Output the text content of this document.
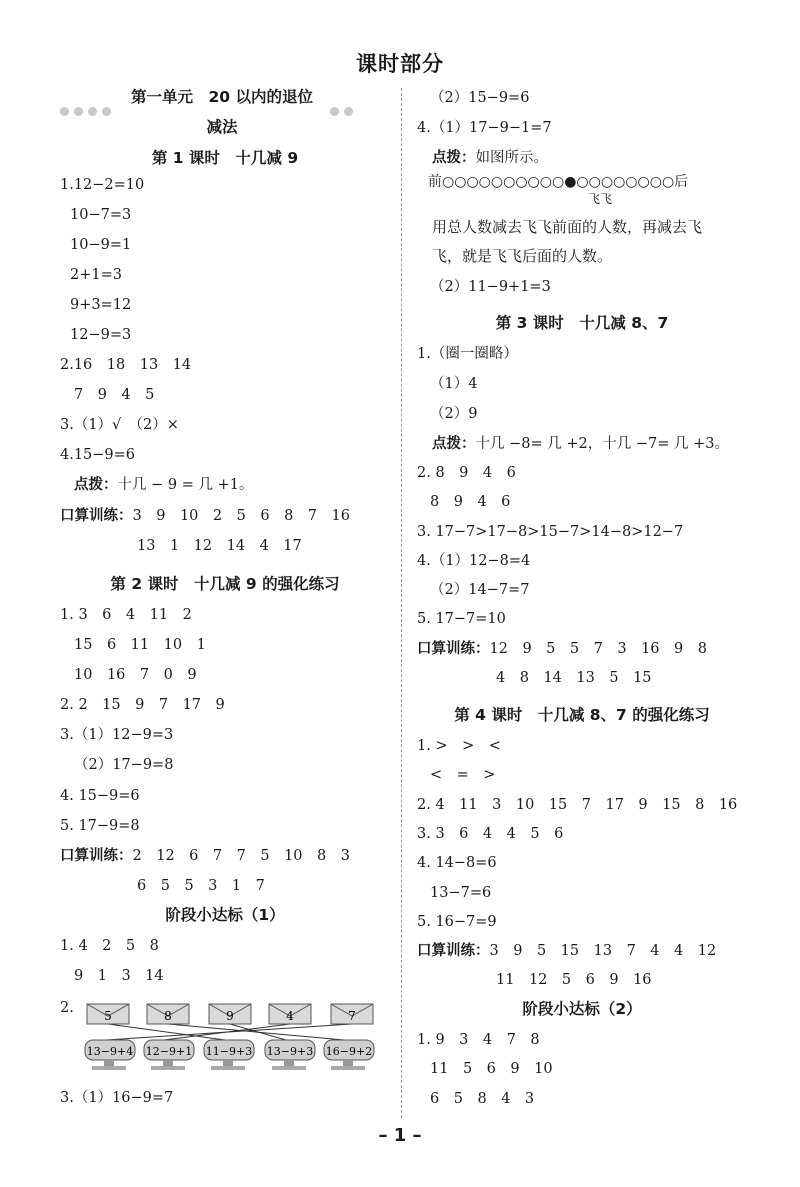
课时部分
第一单元　20 以内的退位
减法
第 1 课时　十几减 9
1.12−2=10
10−7=3
10−9=1
2+1=3
9+3=12
12−9=3
2.16　18　13　14
7　9　4　5
3.（1）√　（2）×
4.15−9=6
点拨：十几 − 9 = 几 +1。
口算训练：3　9　10　2　5　6　8　7　16
13　1　12　14　4　17
第 2 课时　十几减 9 的强化练习
1. 3　6　4　11　2
15　6　11　10　1
10　16　7　0　9
2. 2　15　9　7　17　9
3.（1）12−9=3
（2）17−9=8
4. 15−9=6
5. 17−9=8
口算训练：2　12　6　7　7　5　10　8　3
6　5　5　3　1　7
阶段小达标（1）
1. 4　2　5　8
9　1　3　14
2.	5	8	9	4	7
13−9+4 12−9+1 11−9+3 13−9+3 16−9+2
3.（1）16−9=7
（2）15−9=6
4.（1）17−9−1=7
点拨：如图所示。
前○○○○○○○○○○●○○○○○○○○后
飞飞
用总人数减去飞飞前面的人数，再减去飞
飞，就是飞飞后面的人数。
（2）11−9+1=3
第 3 课时　十几减 8、7
1.（圈一圈略）
（1）4
（2）9
点拨：十几 −8= 几 +2，十几 −7= 几 +3。
2. 8　9　4　6
8　9　4　6
3. 17−7>17−8>15−7>14−8>12−7
4.（1）12−8=4
（2）14−7=7
5. 17−7=10
口算训练：12　9　5　5　7　3　16　9　8
4　8　14　13　5　15
第 4 课时　十几减 8、7 的强化练习
1. >　>　<
<　=　>
2. 4　11　3　10　15　7　17　9　15　8　16
3. 3　6　4　4　5　6
4. 14−8=6
13−7=6
5. 16−7=9
口算训练：3　9　5　15　13　7　4　4　12
11　12　5　6　9　16
阶段小达标（2）
1. 9　3　4　7　8
11　5　6　9　10
6　5　8　4　3
– 1 –
